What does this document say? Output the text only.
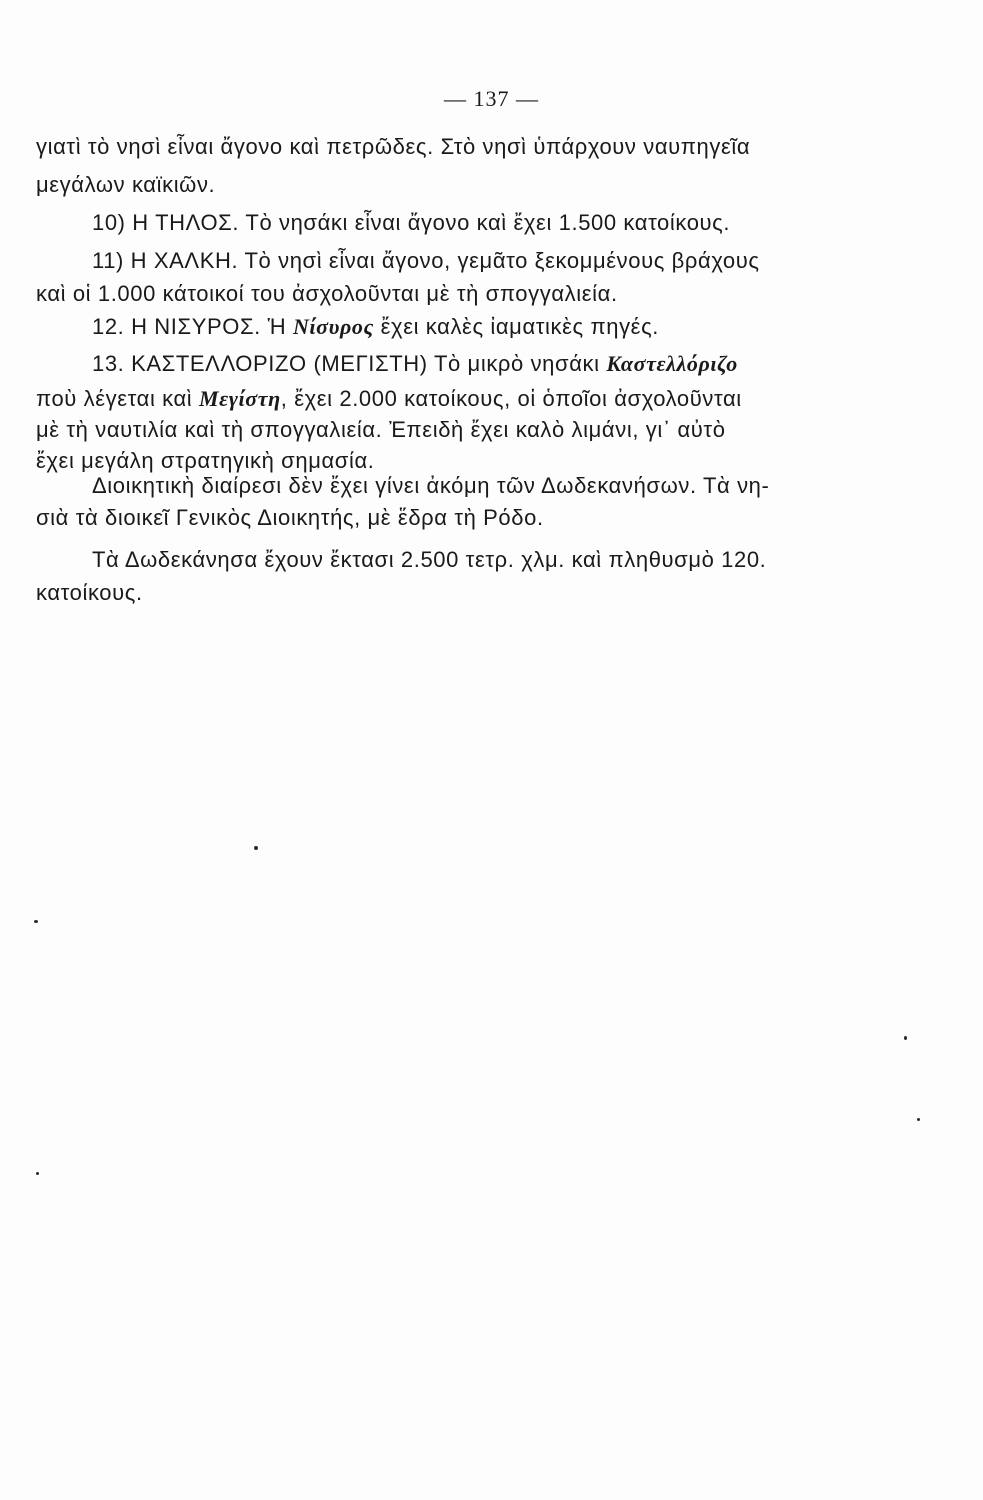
— 137 —
γιατὶ τὸ νησὶ εἶναι ἄγονο καὶ πετρῶδες. Στὸ νησὶ ὑπάρχουν ναυπηγεῖα
μεγάλων καϊκιῶν.
10) Η ΤΗΛΟΣ. Τὸ νησάκι εἶναι ἄγονο καὶ ἔχει 1.500 κατοίκους.
11) Η ΧΑΛΚΗ. Τὸ νησὶ εἶναι ἄγονο, γεμᾶτο ξεκομμένους βράχους
καὶ οἱ 1.000 κάτοικοί του ἀσχολοῦνται μὲ τὴ σπογγαλιεία.
12. Η ΝΙΣΥΡΟΣ. Ἡ Νίσυρος ἔχει καλὲς ἰαματικὲς πηγές.
13. ΚΑΣΤΕΛΛΟΡΙΖΟ (ΜΕΓΙΣΤΗ) Τὸ μικρὸ νησάκι Καστελλόριζο
ποὺ λέγεται καὶ Μεγίστη, ἔχει 2.000 κατοίκους, οἱ ὁποῖοι ἀσχολοῦνται
μὲ τὴ ναυτιλία καὶ τὴ σπογγαλιεία. Ἐπειδὴ ἔχει καλὸ λιμάνι, γι᾿ αὐτὸ
ἔχει μεγάλη στρατηγικὴ σημασία.
Διοικητικὴ διαίρεσι δὲν ἔχει γίνει ἀκόμη τῶν Δωδεκανήσων. Τὰ νη-
σιὰ τὰ διοικεῖ Γενικὸς Διοικητής, μὲ ἕδρα τὴ Ρόδο.
Τὰ Δωδεκάνησα ἔχουν ἔκτασι 2.500 τετρ. χλμ. καὶ πληθυσμὸ 120.
κατοίκους.
